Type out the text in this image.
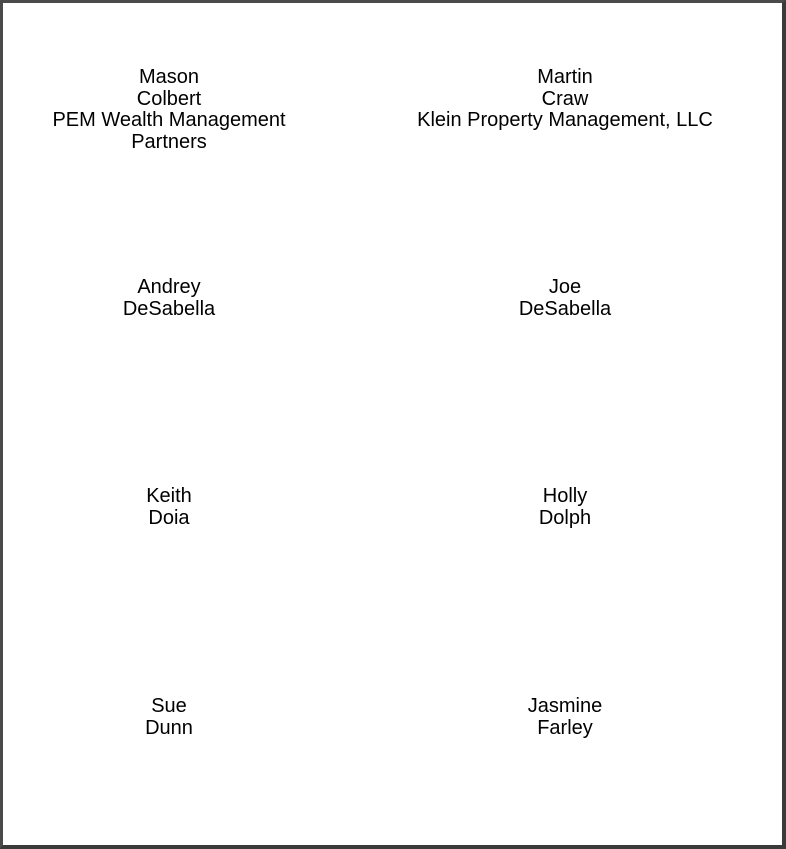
Mason
Colbert
PEM Wealth Management
Partners
Martin
Craw
Klein Property Management, LLC
Andrey
DeSabella
Joe
DeSabella
Keith
Doia
Holly
Dolph
Sue
Dunn
Jasmine
Farley
